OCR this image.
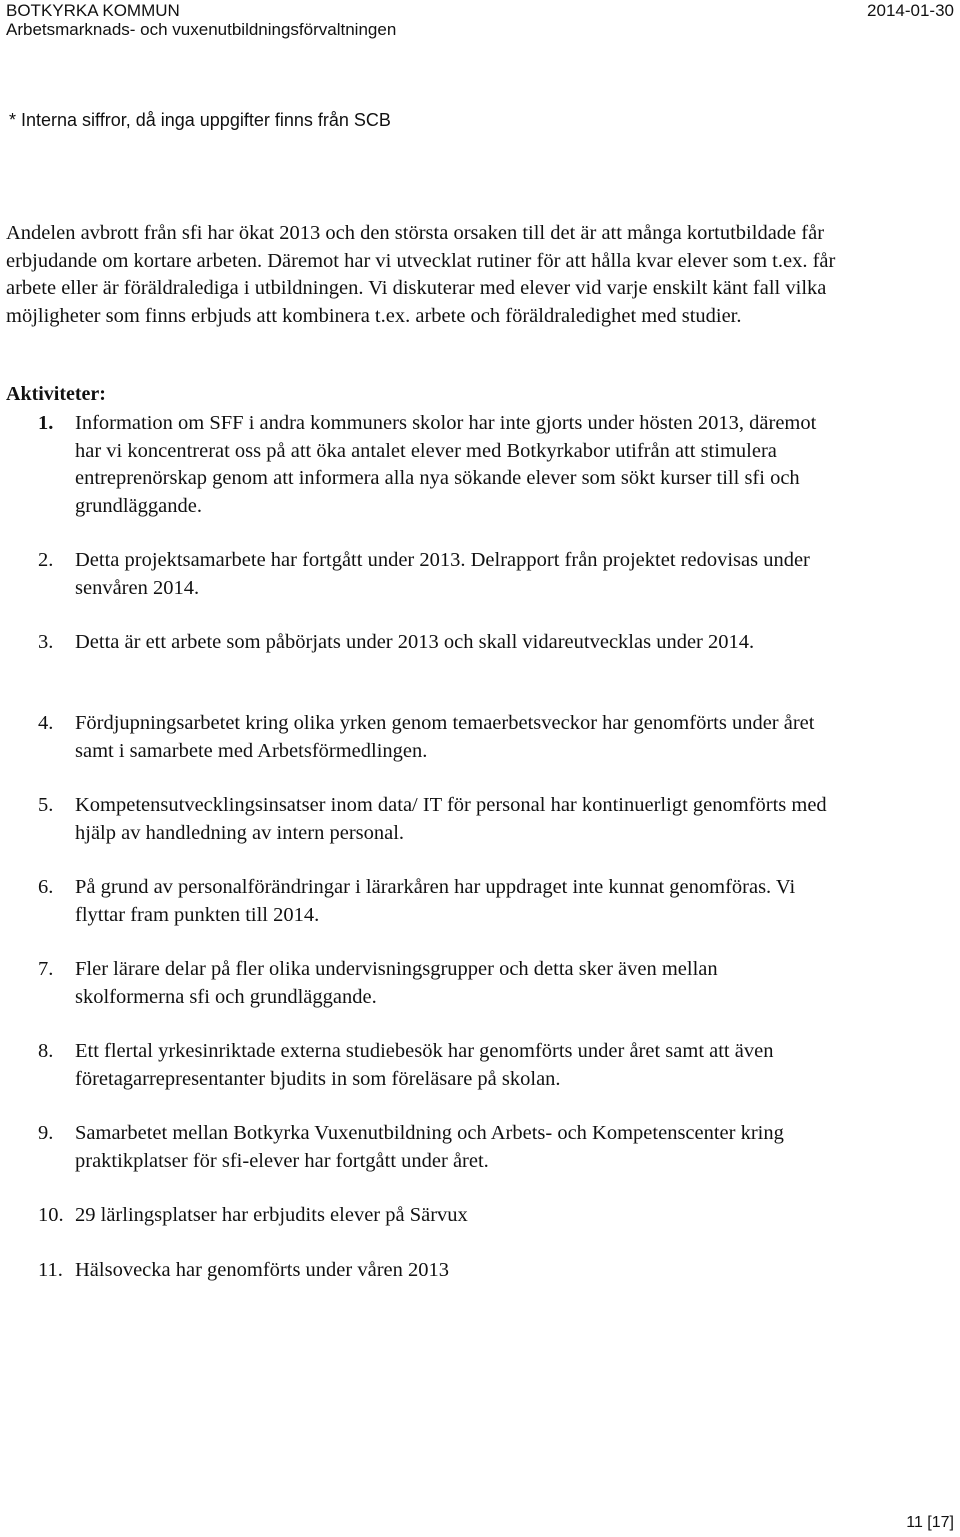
BOTKYRKA KOMMUN
Arbetsmarknads- och vuxenutbildningsförvaltningen
2014-01-30
* Interna siffror, då inga uppgifter finns från SCB

Andelen avbrott från sfi har ökat 2013 och den största orsaken till det är att många kortutbildade får erbjudande om kortare arbeten. Däremot har vi utvecklat rutiner för att hålla kvar elever som t.ex. får arbete eller är föräldralediga i utbildningen. Vi diskuterar med elever vid varje enskilt känt fall vilka möjligheter som finns erbjuds att kombinera t.ex. arbete och föräldraledighet med studier.

Aktiviteter:
1. Information om SFF i andra kommuners skolor har inte gjorts under hösten 2013, däremot har vi koncentrerat oss på att öka antalet elever med Botkyrkabor utifrån att stimulera entreprenörskap genom att informera alla nya sökande elever som sökt kurser till sfi och grundläggande.
2. Detta projektsamarbete har fortgått under 2013. Delrapport från projektet redovisas under senvåren 2014.
3. Detta är ett arbete som påbörjats under 2013 och skall vidareutvecklas under 2014.
4. Fördjupningsarbetet kring olika yrken genom temaerbetsveckor har genomförts under året samt i samarbete med Arbetsförmedlingen.
5. Kompetensutvecklingsinsatser inom data/ IT för personal har kontinuerligt genomförts med hjälp av handledning av intern personal.
6. På grund av personalförändringar i lärarkåren har uppdraget inte kunnat genomföras. Vi flyttar fram punkten till 2014.
7. Fler lärare delar på fler olika undervisningsgrupper och detta sker även mellan skolformerna sfi och grundläggande.
8. Ett flertal yrkesinriktade externa studiebesök har genomförts under året samt att även företagarrepresentanter bjudits in som föreläsare på skolan.
9. Samarbetet mellan Botkyrka Vuxenutbildning och Arbets- och Kompetenscenter kring praktikplatser för sfi-elever har fortgått under året.
10. 29 lärlingsplatser har erbjudits elever på Särvux
11. Hälsovecka har genomförts under våren 2013
11 [17]
